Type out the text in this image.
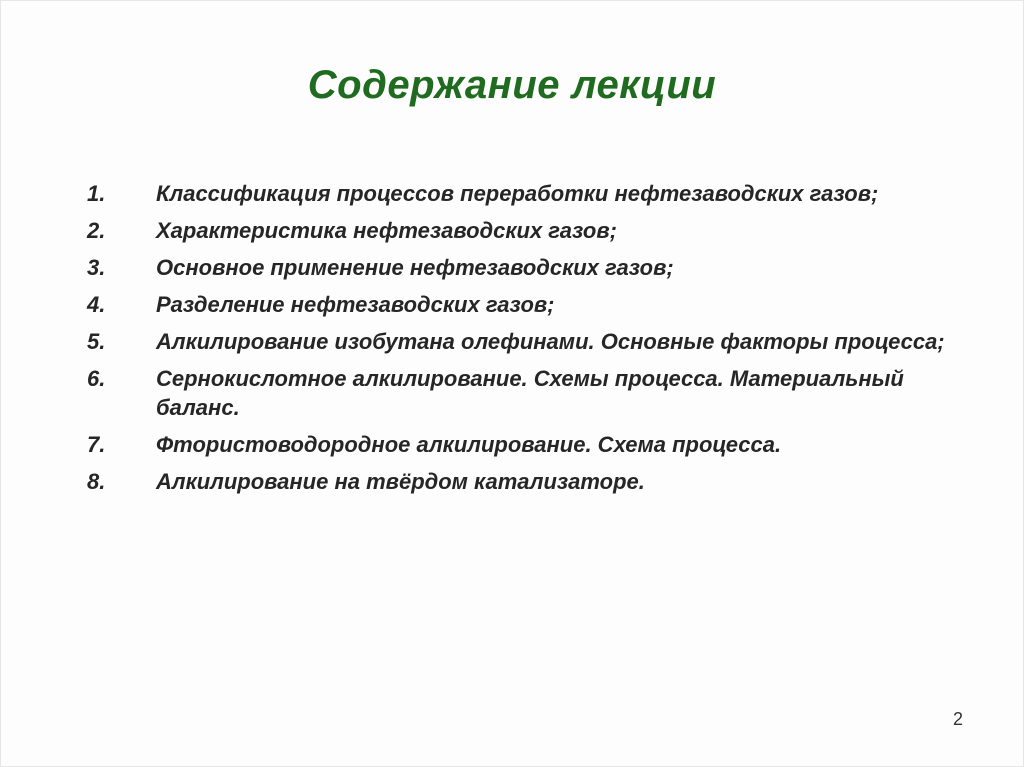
Содержание лекции
1.	Классификация процессов переработки нефтезаводских газов;
2.	Характеристика нефтезаводских газов;
3.	Основное применение нефтезаводских газов;
4.	Разделение нефтезаводских газов;
5.	Алкилирование изобутана олефинами. Основные факторы процесса;
6.	Сернокислотное алкилирование. Схемы процесса. Материальный баланс.
7.	Фтористоводородное алкилирование. Схема процесса.
8.	Алкилирование на твёрдом катализаторе.
2
